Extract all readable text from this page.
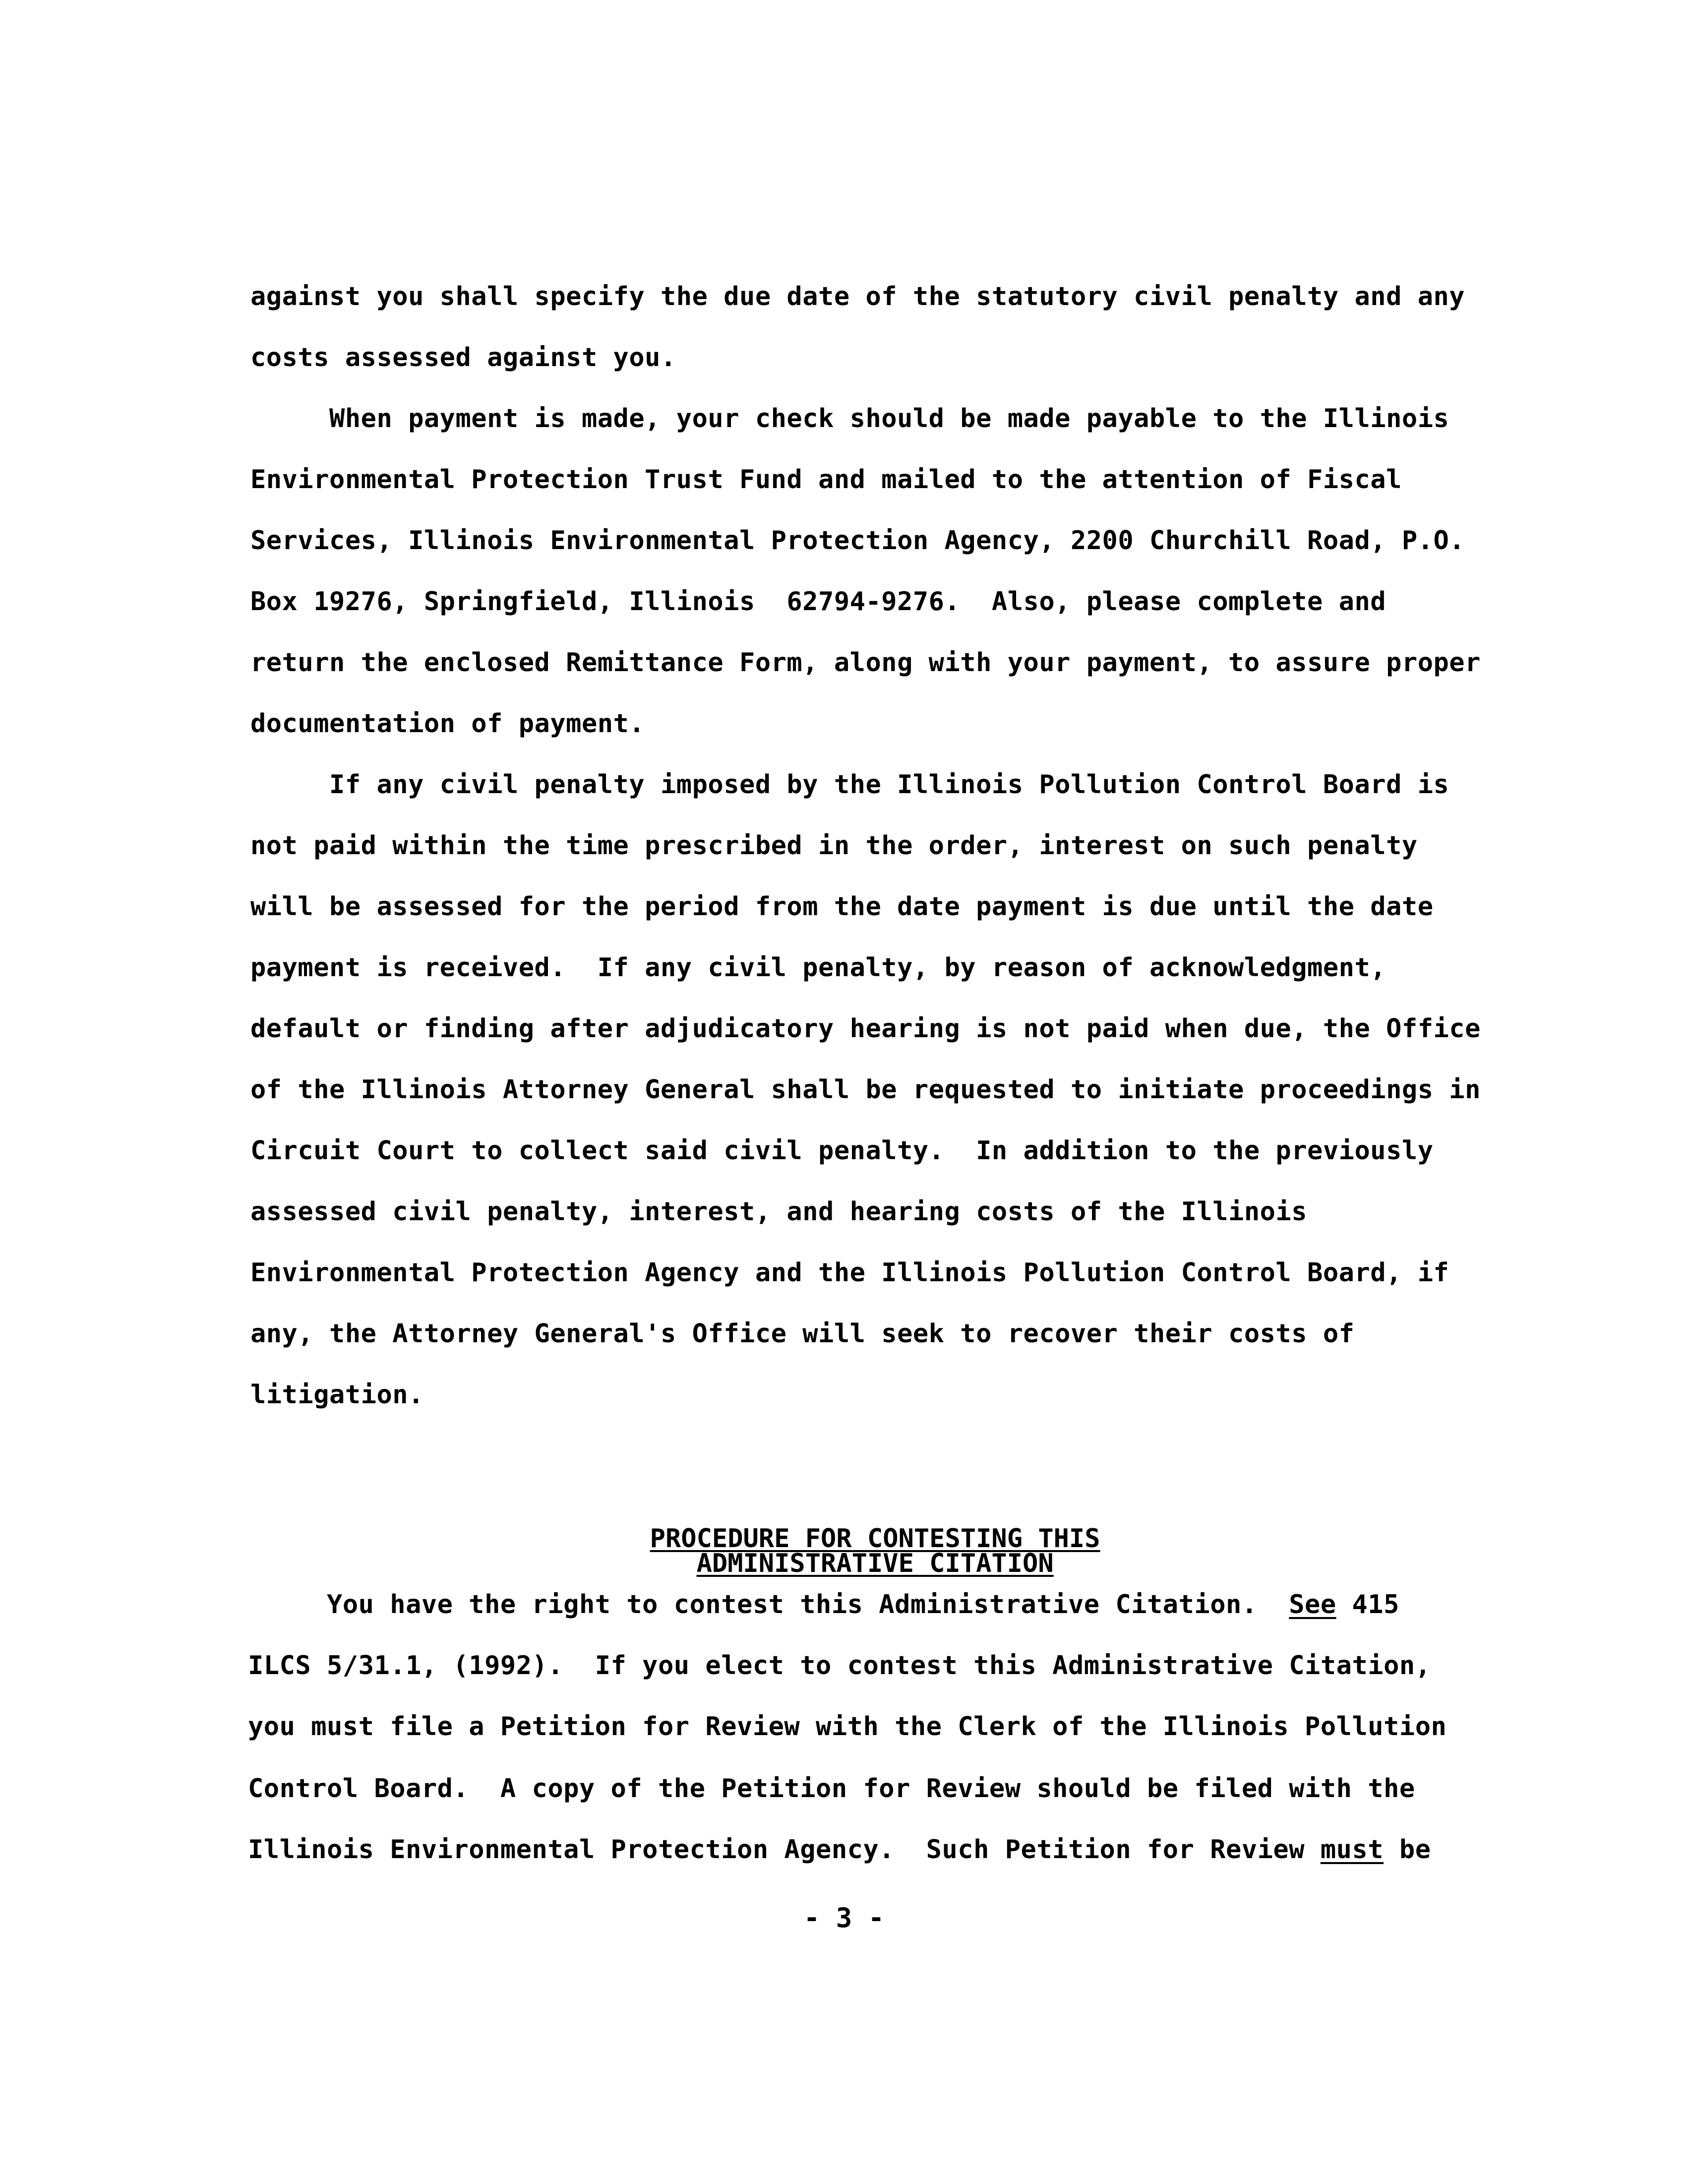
against you shall specify the due date of the statutory civil penalty and any
costs assessed against you.
When payment is made, your check should be made payable to the Illinois
Environmental Protection Trust Fund and mailed to the attention of Fiscal
Services, Illinois Environmental Protection Agency, 2200 Churchill Road, P.O.
Box 19276, Springfield, Illinois  62794-9276.  Also, please complete and
return the enclosed Remittance Form, along with your payment, to assure proper
documentation of payment.
If any civil penalty imposed by the Illinois Pollution Control Board is
not paid within the time prescribed in the order, interest on such penalty
will be assessed for the period from the date payment is due until the date
payment is received.  If any civil penalty, by reason of acknowledgment,
default or finding after adjudicatory hearing is not paid when due, the Office
of the Illinois Attorney General shall be requested to initiate proceedings in
Circuit Court to collect said civil penalty.  In addition to the previously
assessed civil penalty, interest, and hearing costs of the Illinois
Environmental Protection Agency and the Illinois Pollution Control Board, if
any, the Attorney General's Office will seek to recover their costs of
litigation.

PROCEDURE FOR CONTESTING THIS

ADMINISTRATIVE CITATION

You have the right to contest this Administrative Citation.  See 415
ILCS 5/31.1, (1992).  If you elect to contest this Administrative Citation,
you must file a Petition for Review with the Clerk of the Illinois Pollution
Control Board.  A copy of the Petition for Review should be filed with the
Illinois Environmental Protection Agency.  Such Petition for Review must be
- 3 -
